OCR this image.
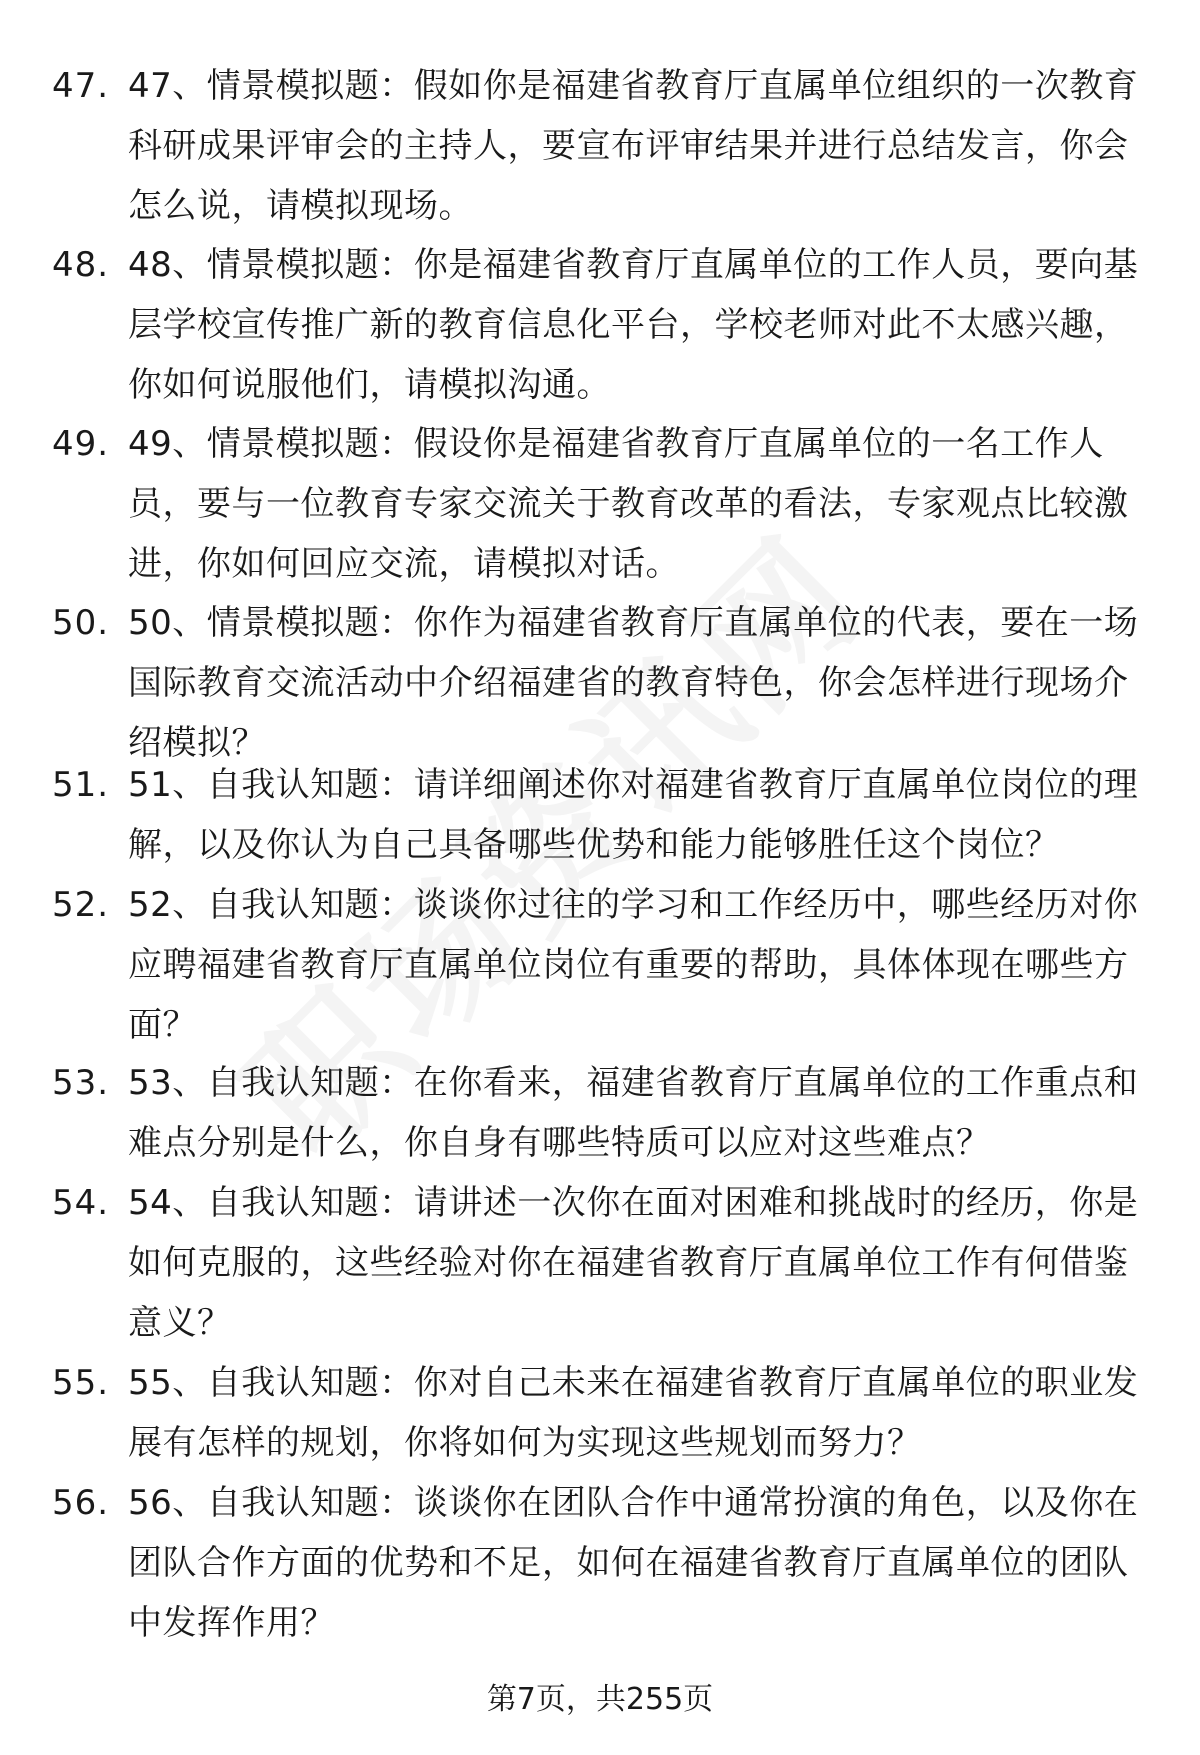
47. 47、情景模拟题：假如你是福建省教育厅直属单位组织的一次教育科研成果评审会的主持人，要宣布评审结果并进行总结发言，你会怎么说，请模拟现场。
48. 48、情景模拟题：你是福建省教育厅直属单位的工作人员，要向基层学校宣传推广新的教育信息化平台，学校老师对此不太感兴趣，你如何说服他们，请模拟沟通。
49. 49、情景模拟题：假设你是福建省教育厅直属单位的一名工作人员，要与一位教育专家交流关于教育改革的看法，专家观点比较激进，你如何回应交流，请模拟对话。
50. 50、情景模拟题：你作为福建省教育厅直属单位的代表，要在一场国际教育交流活动中介绍福建省的教育特色，你会怎样进行现场介绍模拟？
51. 51、自我认知题：请详细阐述你对福建省教育厅直属单位岗位的理解，以及你认为自己具备哪些优势和能力能够胜任这个岗位？
52. 52、自我认知题：谈谈你过往的学习和工作经历中，哪些经历对你应聘福建省教育厅直属单位岗位有重要的帮助，具体体现在哪些方面？
53. 53、自我认知题：在你看来，福建省教育厅直属单位的工作重点和难点分别是什么，你自身有哪些特质可以应对这些难点？
54. 54、自我认知题：请讲述一次你在面对困难和挑战时的经历，你是如何克服的，这些经验对你在福建省教育厅直属单位工作有何借鉴意义？
55. 55、自我认知题：你对自己未来在福建省教育厅直属单位的职业发展有怎样的规划，你将如何为实现这些规划而努力？
56. 56、自我认知题：谈谈你在团队合作中通常扮演的角色，以及你在团队合作方面的优势和不足，如何在福建省教育厅直属单位的团队中发挥作用？
第7页，共255页
